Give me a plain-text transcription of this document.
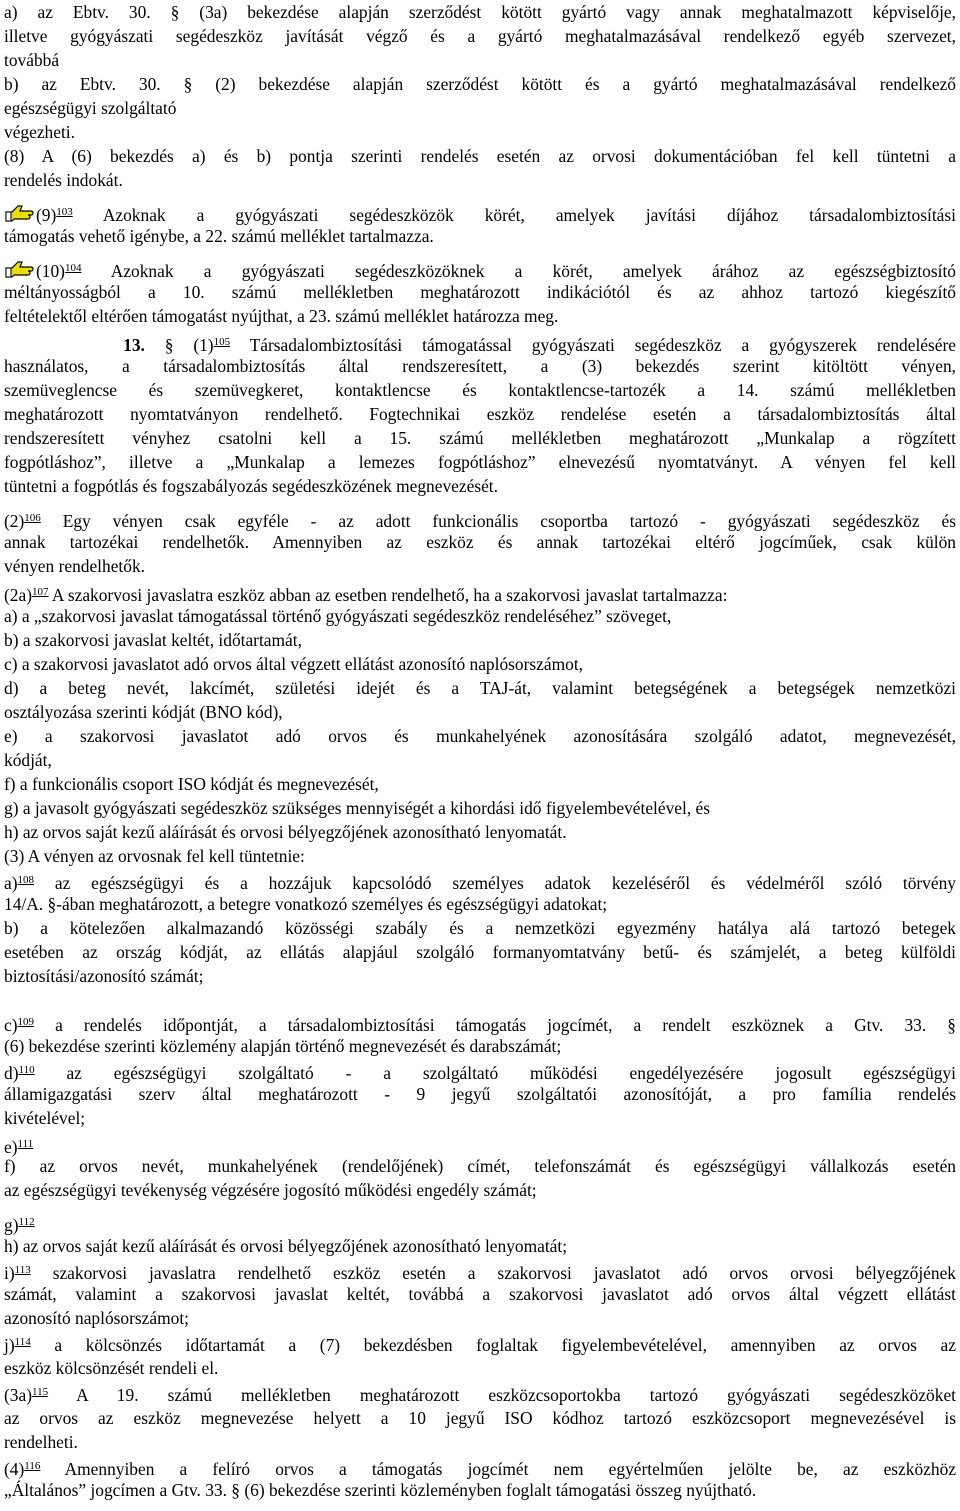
a) az Ebtv. 30. § (3a) bekezdése alapján szerződést kötött gyártó vagy annak meghatalmazott képviselője,
illetve gyógyászati segédeszköz javítását végző és a gyártó meghatalmazásával rendelkező egyéb szervezet,
továbbá
b) az Ebtv. 30. § (2) bekezdése alapján szerződést kötött és a gyártó meghatalmazásával rendelkező
egészségügyi szolgáltató
végezheti.
(8) A (6) bekezdés a) és b) pontja szerinti rendelés esetén az orvosi dokumentációban fel kell tüntetni a
rendelés indokát.
$(9)^{103}$ Azoknak a gyógyászati segédeszközök körét, amelyek javítási díjához társadalombiztosítási
támogatás vehető igénybe, a 22. számú melléklet tartalmazza.
$(10)^{104}$ Azoknak a gyógyászati segédeszközöknek a körét, amelyek árához az egészségbiztosító
méltányosságból a 10. számú mellékletben meghatározott indikációtól és az ahhoz tartozó kiegészítő
feltételektől eltérően támogatást nyújthat, a 23. számú melléklet határozza meg.
13. § $(1)^{105}$ Társadalombiztosítási támogatással gyógyászati segédeszköz a gyógyszerek rendelésére
használatos, a társadalombiztosítás által rendszeresített, a (3) bekezdés szerint kitöltött vényen,
szemüveglencse és szemüvegkeret, kontaktlencse és kontaktlencse-tartozék a 14. számú mellékletben
meghatározott nyomtatványon rendelhető. Fogtechnikai eszköz rendelése esetén a társadalombiztosítás által
rendszeresített vényhez csatolni kell a 15. számú mellékletben meghatározott „Munkalap a rögzített
fogpótláshoz”, illetve a „Munkalap a lemezes fogpótláshoz” elnevezésű nyomtatványt. A vényen fel kell
tüntetni a fogpótlás és fogszabályozás segédeszközének megnevezését.
$(2)^{106}$ Egy vényen csak egyféle - az adott funkcionális csoportba tartozó - gyógyászati segédeszköz és
annak tartozékai rendelhetők. Amennyiben az eszköz és annak tartozékai eltérő jogcíműek, csak külön
vényen rendelhetők.
$(2a)^{107}$ A szakorvosi javaslatra eszköz abban az esetben rendelhető, ha a szakorvosi javaslat tartalmazza:
a) a „szakorvosi javaslat támogatással történő gyógyászati segédeszköz rendeléséhez” szöveget,
b) a szakorvosi javaslat keltét, időtartamát,
c) a szakorvosi javaslatot adó orvos által végzett ellátást azonosító naplósorszámot,
d) a beteg nevét, lakcímét, születési idejét és a TAJ-át, valamint betegségének a betegségek nemzetközi
osztályozása szerinti kódját (BNO kód),
e) a szakorvosi javaslatot adó orvos és munkahelyének azonosítására szolgáló adatot, megnevezését,
kódját,
f) a funkcionális csoport ISO kódját és megnevezését,
g) a javasolt gyógyászati segédeszköz szükséges mennyiségét a kihordási idő figyelembevételével, és
h) az orvos saját kezű aláírását és orvosi bélyegzőjének azonosítható lenyomatát.
(3) A vényen az orvosnak fel kell tüntetnie:
a)$^{108}$ az egészségügyi és a hozzájuk kapcsolódó személyes adatok kezeléséről és védelméről szóló törvény
14/A. §-ában meghatározott, a betegre vonatkozó személyes és egészségügyi adatokat;
b) a kötelezően alkalmazandó közösségi szabály és a nemzetközi egyezmény hatálya alá tartozó betegek
esetében az ország kódját, az ellátás alapjául szolgáló formanyomtatvány betű- és számjelét, a beteg külföldi
biztosítási/azonosító számát;
c)$^{109}$ a rendelés időpontját, a társadalombiztosítási támogatás jogcímét, a rendelt eszköznek a Gtv. 33. §
(6) bekezdése szerinti közlemény alapján történő megnevezését és darabszámát;
d)$^{110}$ az egészségügyi szolgáltató - a szolgáltató működési engedélyezésére jogosult egészségügyi
államigazgatási szerv által meghatározott - 9 jegyű szolgáltatói azonosítóját, a pro família rendelés
kivételével;
e)$^{111}$
f) az orvos nevét, munkahelyének (rendelőjének) címét, telefonszámát és egészségügyi vállalkozás esetén
az egészségügyi tevékenység végzésére jogosító működési engedély számát;
g)$^{112}$
h) az orvos saját kezű aláírását és orvosi bélyegzőjének azonosítható lenyomatát;
i)$^{113}$ szakorvosi javaslatra rendelhető eszköz esetén a szakorvosi javaslatot adó orvos orvosi bélyegzőjének
számát, valamint a szakorvosi javaslat keltét, továbbá a szakorvosi javaslatot adó orvos által végzett ellátást
azonosító naplósorszámot;
j)$^{114}$ a kölcsönzés időtartamát a (7) bekezdésben foglaltak figyelembevételével, amennyiben az orvos az
eszköz kölcsönzését rendeli el.
$(3a)^{115}$ A 19. számú mellékletben meghatározott eszközcsoportokba tartozó gyógyászati segédeszközöket
az orvos az eszköz megnevezése helyett a 10 jegyű ISO kódhoz tartozó eszközcsoport megnevezésével is
rendelheti.
$(4)^{116}$ Amennyiben a felíró orvos a támogatás jogcímét nem egyértelműen jelölte be, az eszközhöz
„Általános” jogcímen a Gtv. 33. § (6) bekezdése szerinti közleményben foglalt támogatási összeg nyújtható.
